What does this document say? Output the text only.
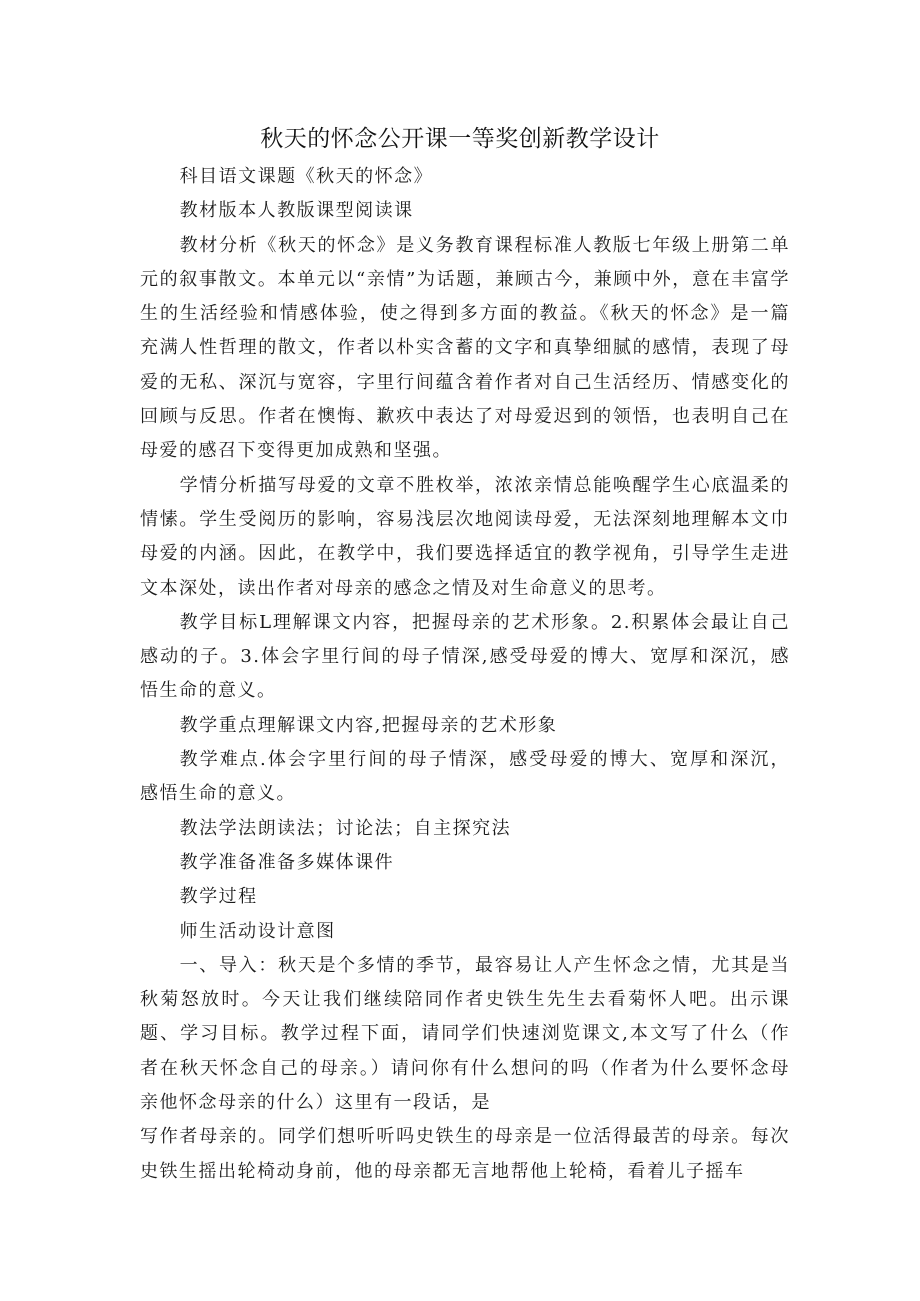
秋天的怀念公开课一等奖创新教学设计

科目语文课题《秋天的怀念》

教材版本人教版课型阅读课

教材分析《秋天的怀念》是义务教育课程标准人教版七年级上册第二单元的叙事散文。本单元以“亲情”为话题，兼顾古今，兼顾中外，意在丰富学生的生活经验和情感体验，使之得到多方面的教益。《秋天的怀念》是一篇充满人性哲理的散文，作者以朴实含蓄的文字和真挚细腻的感情，表现了母爱的无私、深沉与宽容，字里行间蕴含着作者对自己生活经历、情感变化的回顾与反思。作者在懊悔、歉疚中表达了对母爱迟到的领悟，也表明自己在母爱的感召下变得更加成熟和坚强。

学情分析描写母爱的文章不胜枚举，浓浓亲情总能唤醒学生心底温柔的情愫。学生受阅历的影响，容易浅层次地阅读母爱，无法深刻地理解本文巾母爱的内涵。因此，在教学中，我们要选择适宜的教学视角，引导学生走进文本深处，读出作者对母亲的感念之情及对生命意义的思考。

教学目标L理解课文内容，把握母亲的艺术形象。2.积累体会最让自己感动的子。3.体会字里行间的母子情深,感受母爱的博大、宽厚和深沉，感悟生命的意义。

教学重点理解课文内容,把握母亲的艺术形象

教学难点.体会字里行间的母子情深，感受母爱的博大、宽厚和深沉，感悟生命的意义。

教法学法朗读法；讨论法；自主探究法

教学准备准备多媒体课件

教学过程

师生活动设计意图

一、导入：秋天是个多情的季节，最容易让人产生怀念之情，尤其是当秋菊怒放时。今天让我们继续陪同作者史铁生先生去看菊怀人吧。出示课题、学习目标。教学过程下面，请同学们快速浏览课文,本文写了什么（作者在秋天怀念自己的母亲。）请问你有什么想问的吗（作者为什么要怀念母亲他怀念母亲的什么）这里有一段话，是

写作者母亲的。同学们想听听吗史铁生的母亲是一位活得最苦的母亲。每次史铁生摇出轮椅动身前，他的母亲都无言地帮他上轮椅，看着儿子摇车
